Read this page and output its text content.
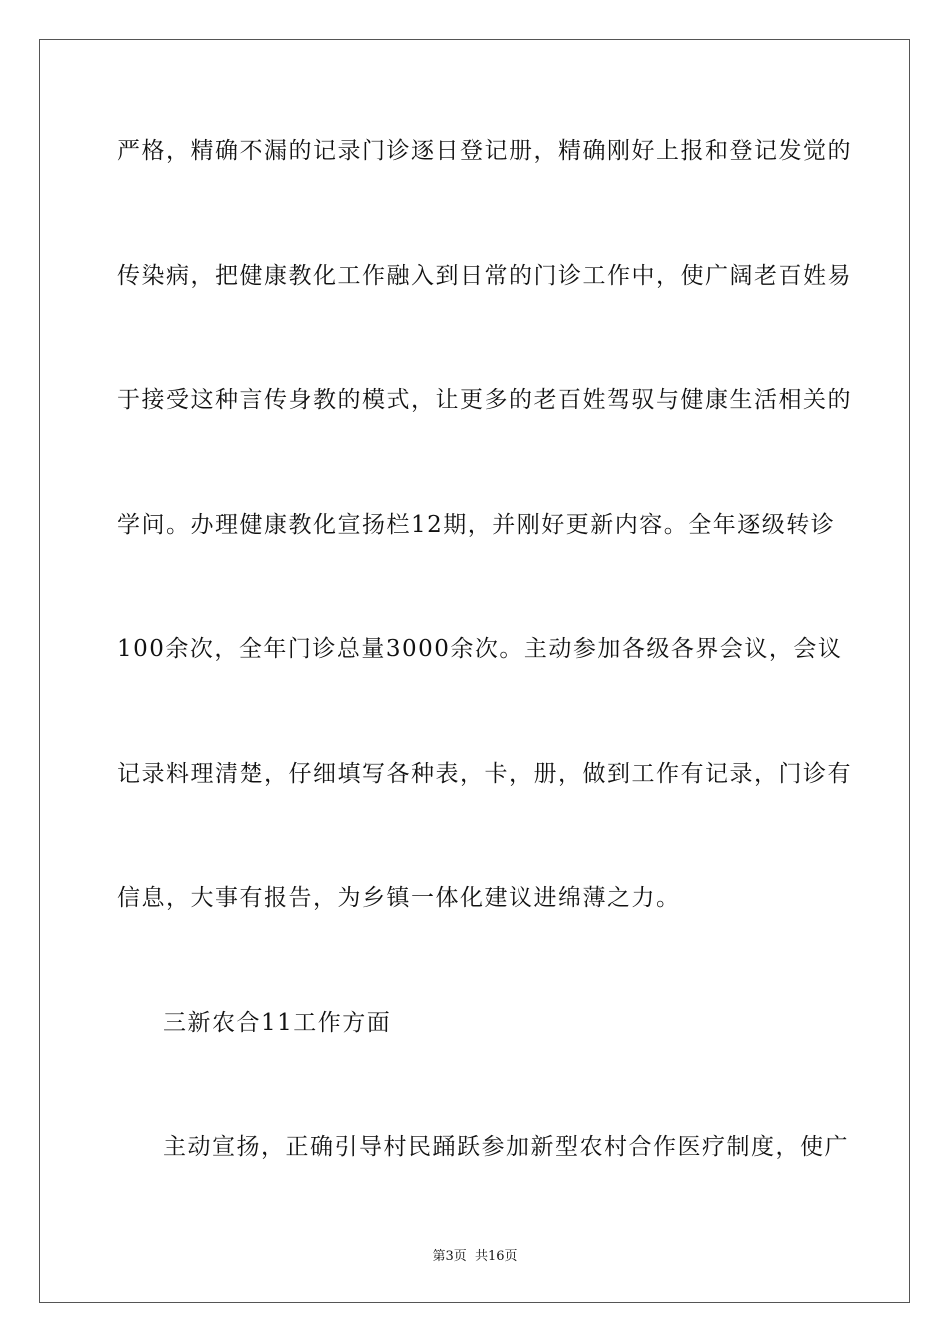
严格，精确不漏的记录门诊逐日登记册，精确刚好上报和登记发觉的
传染病，把健康教化工作融入到日常的门诊工作中，使广阔老百姓易
于接受这种言传身教的模式，让更多的老百姓驾驭与健康生活相关的
学问。办理健康教化宣扬栏12期，并刚好更新内容。全年逐级转诊
100余次，全年门诊总量3000余次。主动参加各级各界会议，会议
记录料理清楚，仔细填写各种表，卡，册，做到工作有记录，门诊有
信息，大事有报告，为乡镇一体化建议进绵薄之力。
三新农合11工作方面
主动宣扬，正确引导村民踊跃参加新型农村合作医疗制度，使广
第3页 共16页
